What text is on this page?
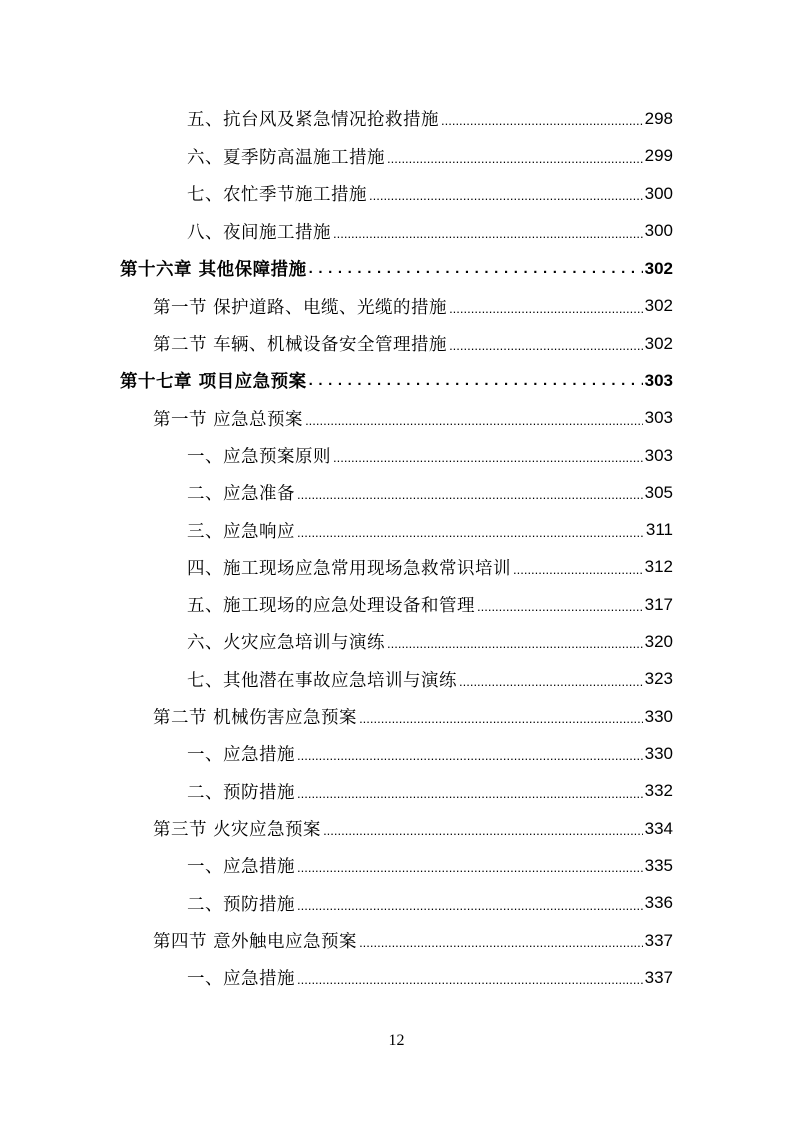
五、抗台风及紧急情况抢救措施 .....	298
六、夏季防高温施工措施 .....	299
七、农忙季节施工措施 .....	300
八、夜间施工措施 .....	300
第十六章 其他保障措施 .....	302
第一节 保护道路、电缆、光缆的措施 .....	302
第二节 车辆、机械设备安全管理措施 .....	302
第十七章 项目应急预案 .....	303
第一节 应急总预案 .....	303
一、应急预案原则 .....	303
二、应急准备 .....	305
三、应急响应 .....	311
四、施工现场应急常用现场急救常识培训 .....	312
五、施工现场的应急处理设备和管理 .....	317
六、火灾应急培训与演练 .....	320
七、其他潜在事故应急培训与演练 .....	323
第二节 机械伤害应急预案 .....	330
一、应急措施 .....	330
二、预防措施 .....	332
第三节 火灾应急预案 .....	334
一、应急措施 .....	335
二、预防措施 .....	336
第四节 意外触电应急预案 .....	337
一、应急措施 .....	337
12
